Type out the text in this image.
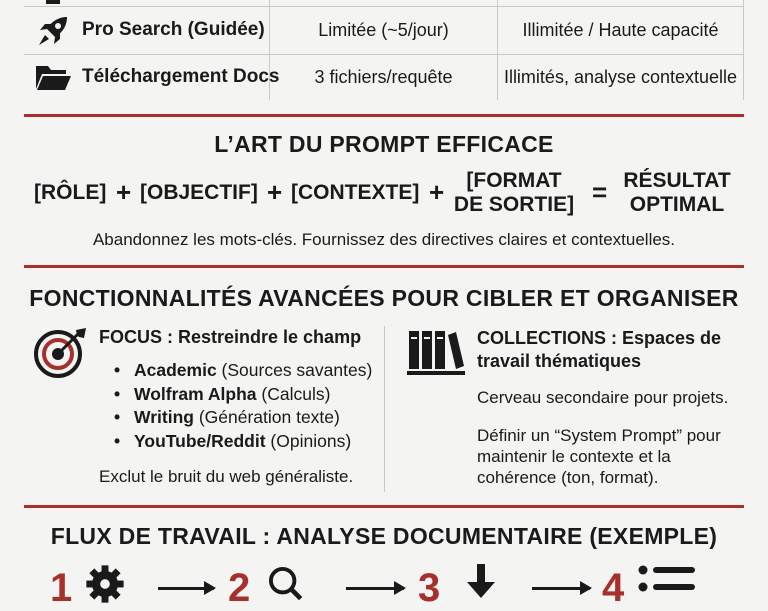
Pro Search (Guidée)	Limitée (~5/jour)	Illimitée / Haute capacité
Téléchargement Docs	3 fichiers/requête	Illimités, analyse contextuelle
L’ART DU PROMPT EFFICACE
[RÔLE] + [OBJECTIF] + [CONTEXTE] +	[FORMAT
DE SORTIE] = RÉSULTAT
OPTIMAL
Abandonnez les mots-clés. Fournissez des directives claires et contextuelles.
FONCTIONNALITÉS AVANCÉES POUR CIBLER ET ORGANISER
FOCUS : Restreindre le champ
• Academic (Sources savantes)
• Wolfram Alpha (Calculs)
• Writing (Génération texte)
• YouTube/Reddit (Opinions)
Exclut le bruit du web généraliste.
COLLECTIONS : Espaces de
travail thématiques
Cerveau secondaire pour projets.
Définir un “System Prompt” pour
maintenir le contexte et la
cohérence (ton, format).
FLUX DE TRAVAIL : ANALYSE DOCUMENTAIRE (EXEMPLE)
1	2	3	4
